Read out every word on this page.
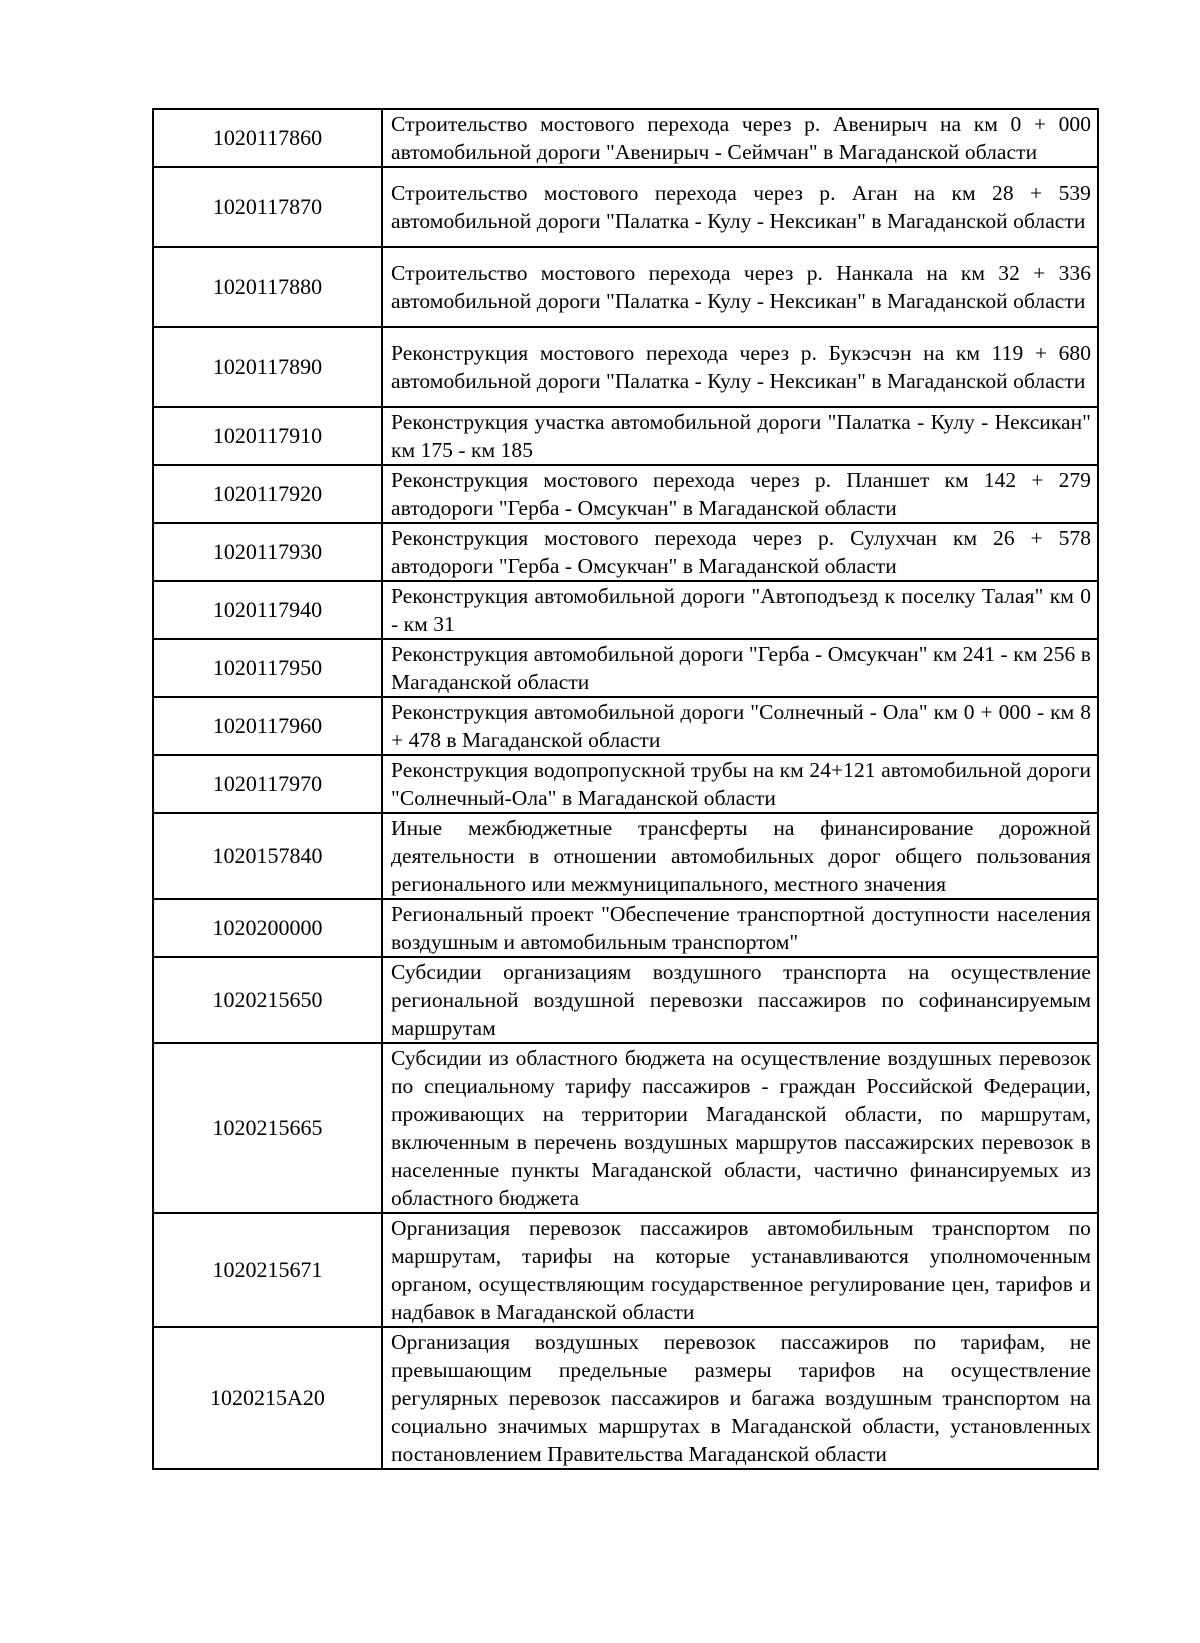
1020117860	Строительство мостового перехода через р. Авенирыч на км 0 + 000 автомобильной дороги "Авенирыч - Сеймчан" в Магаданской области

1020117870	Строительство мостового перехода через р. Аган на км 28 + 539 автомобильной дороги "Палатка - Кулу - Нексикан" в Магаданской области

1020117880	Строительство мостового перехода через р. Нанкала на км 32 + 336 автомобильной дороги "Палатка - Кулу - Нексикан" в Магаданской области

1020117890	Реконструкция мостового перехода через р. Букэсчэн на км 119 + 680 автомобильной дороги "Палатка - Кулу - Нексикан" в Магаданской области

1020117910	Реконструкция участка автомобильной дороги "Палатка - Кулу - Нексикан" км 175 - км 185

1020117920	Реконструкция мостового перехода через р. Планшет км 142 + 279 автодороги "Герба - Омсукчан" в Магаданской области

1020117930	Реконструкция мостового перехода через р. Сулухчан км 26 + 578 автодороги "Герба - Омсукчан" в Магаданской области

1020117940	Реконструкция автомобильной дороги "Автоподъезд к поселку Талая" км 0 - км 31

1020117950	Реконструкция автомобильной дороги "Герба - Омсукчан" км 241 - км 256 в Магаданской области

1020117960	Реконструкция автомобильной дороги "Солнечный - Ола" км 0 + 000 - км 8 + 478 в Магаданской области

1020117970	Реконструкция водопропускной трубы на км 24+121 автомобильной дороги "Солнечный-Ола" в Магаданской области

1020157840	Иные межбюджетные трансферты на финансирование дорожной деятельности в отношении автомобильных дорог общего пользования регионального или межмуниципального, местного значения

1020200000	Региональный проект "Обеспечение транспортной доступности населения воздушным и автомобильным транспортом"

1020215650	Субсидии организациям воздушного транспорта на осуществление региональной воздушной перевозки пассажиров по софинансируемым маршрутам

1020215665	Субсидии из областного бюджета на осуществление воздушных перевозок по специальному тарифу пассажиров - граждан Российской Федерации, проживающих на территории Магаданской области, по маршрутам, включенным в перечень воздушных маршрутов пассажирских перевозок в населенные пункты Магаданской области, частично финансируемых из областного бюджета

1020215671	Организация перевозок пассажиров автомобильным транспортом по маршрутам, тарифы на которые устанавливаются уполномоченным органом, осуществляющим государственное регулирование цен, тарифов и надбавок в Магаданской области

1020215А20	Организация воздушных перевозок пассажиров по тарифам, не превышающим предельные размеры тарифов на осуществление регулярных перевозок пассажиров и багажа воздушным транспортом на социально значимых маршрутах в Магаданской области, установленных постановлением Правительства Магаданской области
